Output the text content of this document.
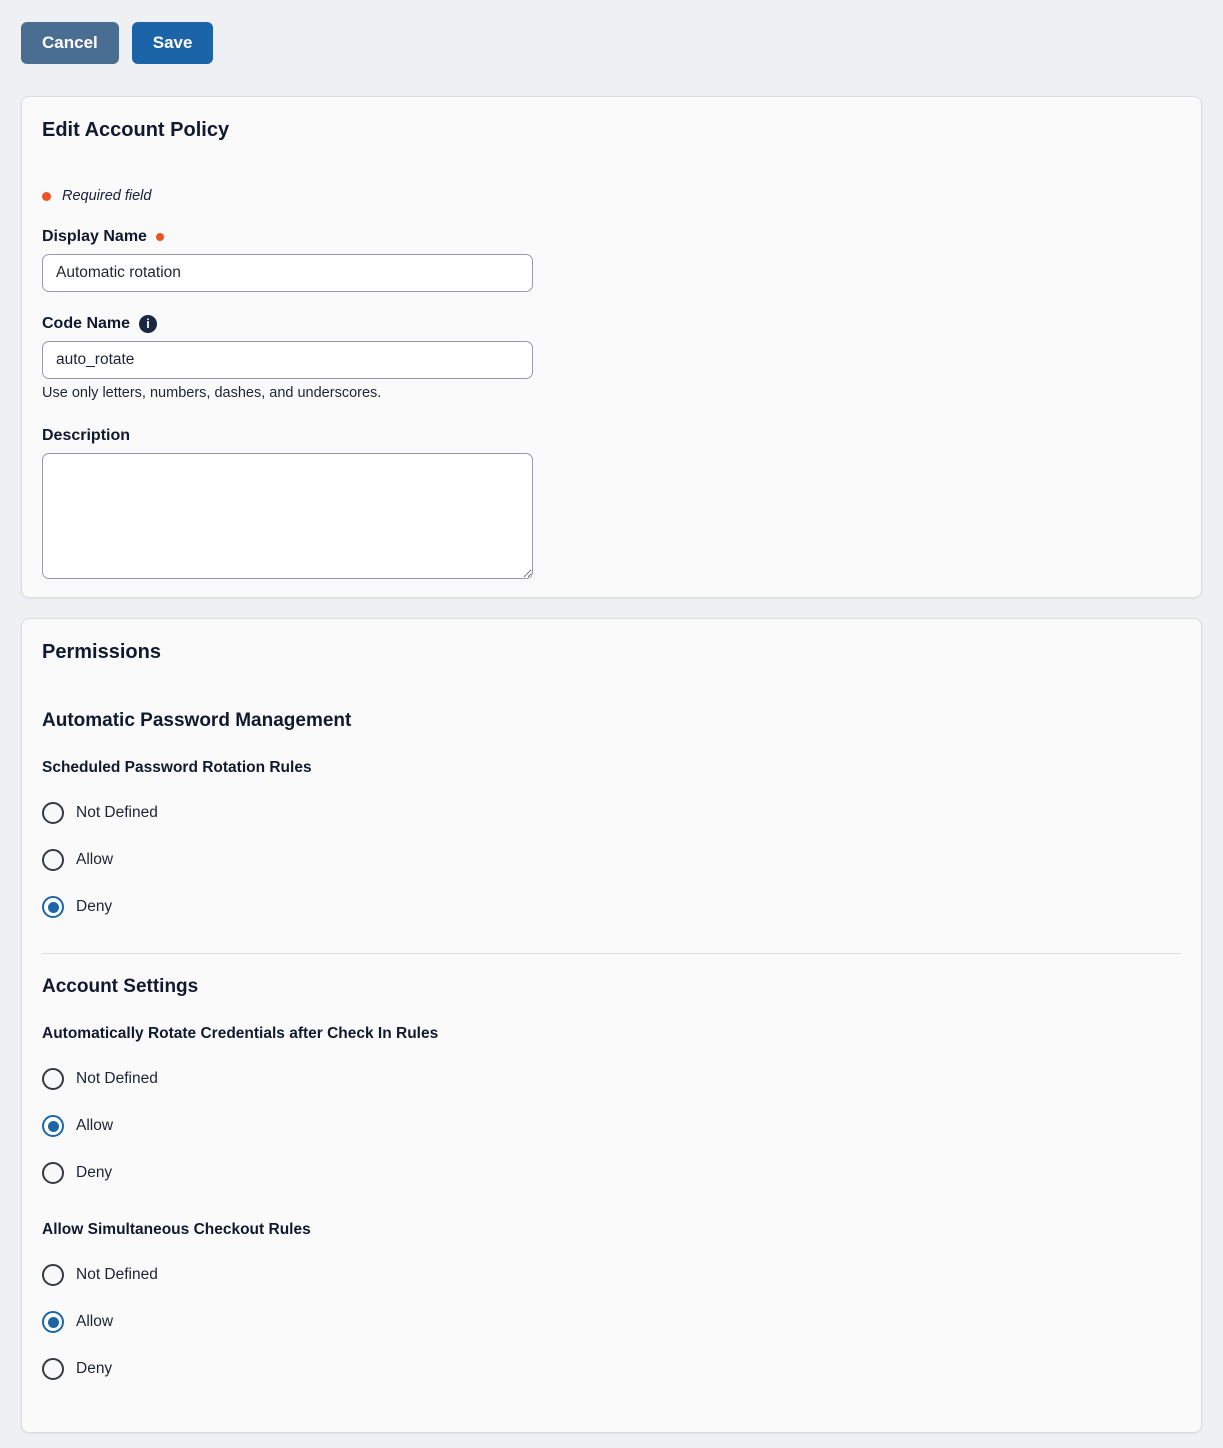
Cancel	Save
Edit Account Policy
Required field
Display Name
Automatic rotation
Code Name	i
auto_rotate
Use only letters, numbers, dashes, and underscores.
Description
Permissions
Automatic Password Management
Scheduled Password Rotation Rules
Not Defined
Allow
Deny
Account Settings
Automatically Rotate Credentials after Check In Rules
Not Defined
Allow
Deny
Allow Simultaneous Checkout Rules
Not Defined
Allow
Deny
